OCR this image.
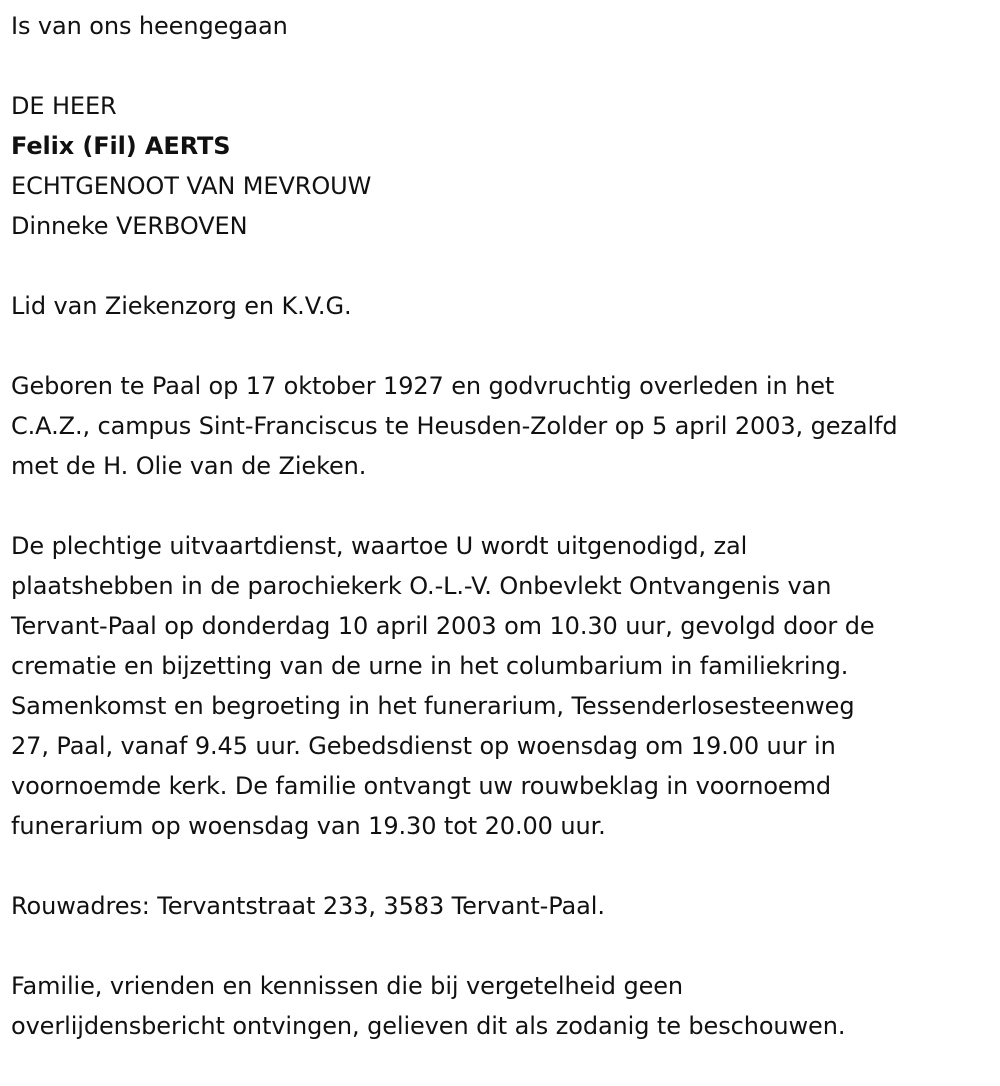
Is van ons heengegaan
DE HEER
Felix (Fil) AERTS
ECHTGENOOT VAN MEVROUW
Dinneke VERBOVEN
Lid van Ziekenzorg en K.V.G.
Geboren te Paal op 17 oktober 1927 en godvruchtig overleden in het
C.A.Z., campus Sint-Franciscus te Heusden-Zolder op 5 april 2003, gezalfd
met de H. Olie van de Zieken.
De plechtige uitvaartdienst, waartoe U wordt uitgenodigd, zal
plaatshebben in de parochiekerk O.-L.-V. Onbevlekt Ontvangenis van
Tervant-Paal op donderdag 10 april 2003 om 10.30 uur, gevolgd door de
crematie en bijzetting van de urne in het columbarium in familiekring.
Samenkomst en begroeting in het funerarium, Tessenderlosesteenweg
27, Paal, vanaf 9.45 uur. Gebedsdienst op woensdag om 19.00 uur in
voornoemde kerk. De familie ontvangt uw rouwbeklag in voornoemd
funerarium op woensdag van 19.30 tot 20.00 uur.
Rouwadres: Tervantstraat 233, 3583 Tervant-Paal.
Familie, vrienden en kennissen die bij vergetelheid geen
overlijdensbericht ontvingen, gelieven dit als zodanig te beschouwen.
